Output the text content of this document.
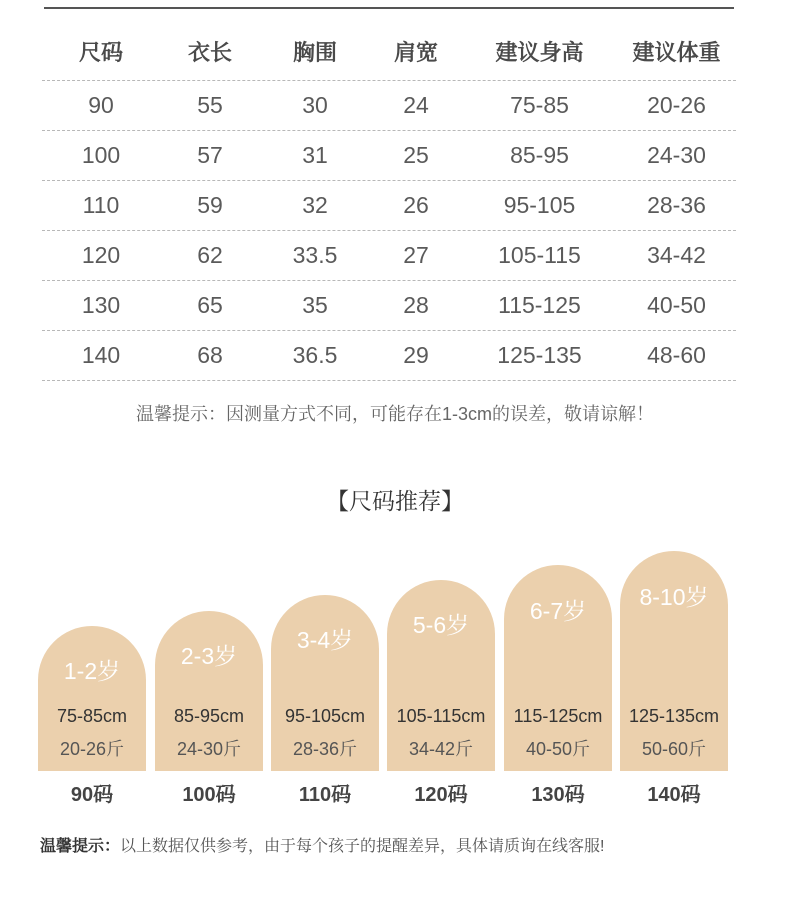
尺码	衣长	胸围	肩宽	建议身高	建议体重
90	55	30	24	75-85	20-26
100	57	31	25	85-95	24-30
110	59	32	26	95-105	28-36
120	62	33.5	27	105-115	34-42
130	65	35	28	115-125	40-50
140	68	36.5	29	125-135	48-60
温馨提示：因测量方式不同，可能存在1-3cm的误差，敬请谅解！
【尺码推荐】
1-2岁
75-85cm
20-26斤
90码
2-3岁
85-95cm
24-30斤
100码
3-4岁
95-105cm
28-36斤
110码
5-6岁
105-115cm
34-42斤
120码
6-7岁
115-125cm
40-50斤
130码
8-10岁
125-135cm
50-60斤
140码
温馨提示：以上数据仅供参考，由于每个孩子的提醒差异，具体请质询在线客服!
